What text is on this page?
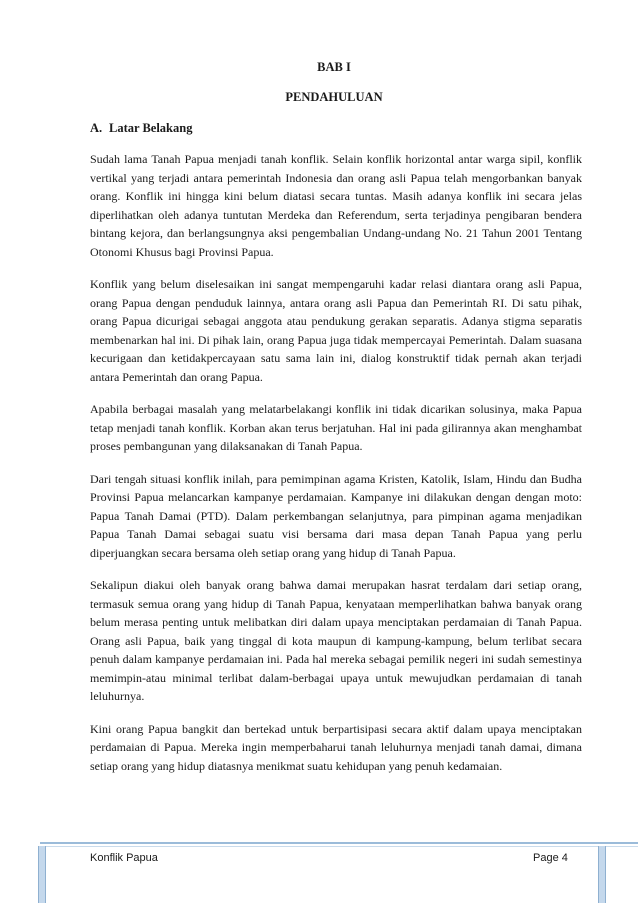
BAB I
PENDAHULUAN
A. Latar Belakang

Sudah lama Tanah Papua menjadi tanah konflik. Selain konflik horizontal antar warga sipil, konflik vertikal yang terjadi antara pemerintah Indonesia dan orang asli Papua telah mengorbankan banyak orang. Konflik ini hingga kini belum diatasi secara tuntas. Masih adanya konflik ini secara jelas diperlihatkan oleh adanya tuntutan Merdeka dan Referendum, serta terjadinya pengibaran bendera bintang kejora, dan berlangsungnya aksi pengembalian Undang-undang No. 21 Tahun 2001 Tentang Otonomi Khusus bagi Provinsi Papua.

Konflik yang belum diselesaikan ini sangat mempengaruhi kadar relasi diantara orang asli Papua, orang Papua dengan penduduk lainnya, antara orang asli Papua dan Pemerintah RI. Di satu pihak, orang Papua dicurigai sebagai anggota atau pendukung gerakan separatis. Adanya stigma separatis membenarkan hal ini. Di pihak lain, orang Papua juga tidak mempercayai Pemerintah. Dalam suasana kecurigaan dan ketidakpercayaan satu sama lain ini, dialog konstruktif tidak pernah akan terjadi antara Pemerintah dan orang Papua.

Apabila berbagai masalah yang melatarbelakangi konflik ini tidak dicarikan solusinya, maka Papua tetap menjadi tanah konflik. Korban akan terus berjatuhan. Hal ini pada gilirannya akan menghambat proses pembangunan yang dilaksanakan di Tanah Papua.

Dari tengah situasi konflik inilah, para pemimpinan agama Kristen, Katolik, Islam, Hindu dan Budha Provinsi Papua melancarkan kampanye perdamaian. Kampanye ini dilakukan dengan dengan moto: Papua Tanah Damai (PTD). Dalam perkembangan selanjutnya, para pimpinan agama menjadikan Papua Tanah Damai sebagai suatu visi bersama dari masa depan Tanah Papua yang perlu diperjuangkan secara bersama oleh setiap orang yang hidup di Tanah Papua.

Sekalipun diakui oleh banyak orang bahwa damai merupakan hasrat terdalam dari setiap orang, termasuk semua orang yang hidup di Tanah Papua, kenyataan memperlihatkan bahwa banyak orang belum merasa penting untuk melibatkan diri dalam upaya menciptakan perdamaian di Tanah Papua. Orang asli Papua, baik yang tinggal di kota maupun di kampung-kampung, belum terlibat secara penuh dalam kampanye perdamaian ini. Pada hal mereka sebagai pemilik negeri ini sudah semestinya memimpin-atau minimal terlibat dalam-berbagai upaya untuk mewujudkan perdamaian di tanah leluhurnya.

Kini orang Papua bangkit dan bertekad untuk berpartisipasi secara aktif dalam upaya menciptakan perdamaian di Papua. Mereka ingin memperbaharui tanah leluhurnya menjadi tanah damai, dimana setiap orang yang hidup diatasnya menikmat suatu kehidupan yang penuh kedamaian.

Konflik Papua	Page 4
